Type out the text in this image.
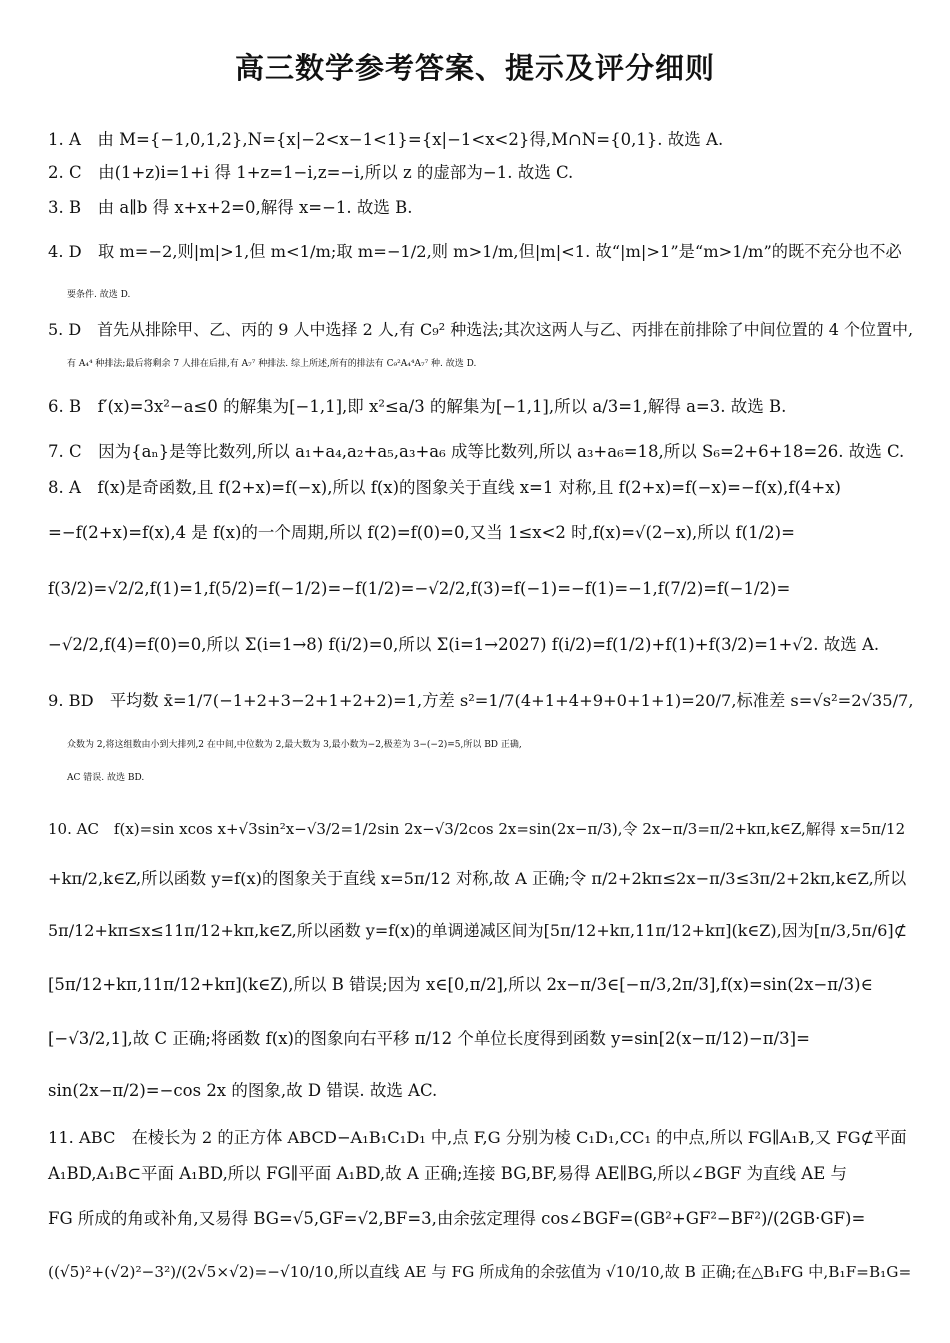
高三数学参考答案、提示及评分细则
1. A　由 M={−1,0,1,2},N={x|−2<x−1<1}={x|−1<x<2}得,M∩N={0,1}. 故选 A.
2. C　由(1+z)i=1+i 得 1+z=1−i,z=−i,所以 z 的虚部为−1. 故选 C.
3. B　由 a∥b 得 x+x+2=0,解得 x=−1. 故选 B.
4. D　取 m=−2,则|m|>1,但 m<1/m;取 m=−1/2,则 m>1/m,但|m|<1. 故“|m|>1”是“m>1/m”的既不充分也不必
要条件. 故选 D.
5. D　首先从排除甲、乙、丙的 9 人中选择 2 人,有 C₉² 种选法;其次这两人与乙、丙排在前排除了中间位置的 4 个位置中,
有 A₄⁴ 种排法;最后将剩余 7 人排在后排,有 A₇⁷ 种排法. 综上所述,所有的排法有 C₉²A₄⁴A₇⁷ 种. 故选 D.
6. B　f′(x)=3x²−a≤0 的解集为[−1,1],即 x²≤a/3 的解集为[−1,1],所以 a/3=1,解得 a=3. 故选 B.
7. C　因为{aₙ}是等比数列,所以 a₁+a₄,a₂+a₅,a₃+a₆ 成等比数列,所以 a₃+a₆=18,所以 S₆=2+6+18=26. 故选 C.
8. A　f(x)是奇函数,且 f(2+x)=f(−x),所以 f(x)的图象关于直线 x=1 对称,且 f(2+x)=f(−x)=−f(x),f(4+x)
=−f(2+x)=f(x),4 是 f(x)的一个周期,所以 f(2)=f(0)=0,又当 1≤x<2 时,f(x)=√(2−x),所以 f(1/2)=
f(3/2)=√2/2,f(1)=1,f(5/2)=f(−1/2)=−f(1/2)=−√2/2,f(3)=f(−1)=−f(1)=−1,f(7/2)=f(−1/2)=
−√2/2,f(4)=f(0)=0,所以 Σ(i=1→8) f(i/2)=0,所以 Σ(i=1→2027) f(i/2)=f(1/2)+f(1)+f(3/2)=1+√2. 故选 A.
9. BD　平均数 x̄=1/7(−1+2+3−2+1+2+2)=1,方差 s²=1/7(4+1+4+9+0+1+1)=20/7,标准差 s=√s²=2√35/7,
众数为 2,将这组数由小到大排列,2 在中间,中位数为 2,最大数为 3,最小数为−2,极差为 3−(−2)=5,所以 BD 正确,
AC 错误. 故选 BD.
10. AC　f(x)=sin xcos x+√3sin²x−√3/2=1/2sin 2x−√3/2cos 2x=sin(2x−π/3),令 2x−π/3=π/2+kπ,k∈Z,解得 x=5π/12
+kπ/2,k∈Z,所以函数 y=f(x)的图象关于直线 x=5π/12 对称,故 A 正确;令 π/2+2kπ≤2x−π/3≤3π/2+2kπ,k∈Z,所以
5π/12+kπ≤x≤11π/12+kπ,k∈Z,所以函数 y=f(x)的单调递减区间为[5π/12+kπ,11π/12+kπ](k∈Z),因为[π/3,5π/6]⊄
[5π/12+kπ,11π/12+kπ](k∈Z),所以 B 错误;因为 x∈[0,π/2],所以 2x−π/3∈[−π/3,2π/3],f(x)=sin(2x−π/3)∈
[−√3/2,1],故 C 正确;将函数 f(x)的图象向右平移 π/12 个单位长度得到函数 y=sin[2(x−π/12)−π/3]=
sin(2x−π/2)=−cos 2x 的图象,故 D 错误. 故选 AC.
11. ABC　在棱长为 2 的正方体 ABCD−A₁B₁C₁D₁ 中,点 F,G 分别为棱 C₁D₁,CC₁ 的中点,所以 FG∥A₁B,又 FG⊄平面
A₁BD,A₁B⊂平面 A₁BD,所以 FG∥平面 A₁BD,故 A 正确;连接 BG,BF,易得 AE∥BG,所以∠BGF 为直线 AE 与
FG 所成的角或补角,又易得 BG=√5,GF=√2,BF=3,由余弦定理得 cos∠BGF=(GB²+GF²−BF²)/(2GB·GF)=
((√5)²+(√2)²−3²)/(2√5×√2)=−√10/10,所以直线 AE 与 FG 所成角的余弦值为 √10/10,故 B 正确;在△B₁FG 中,B₁F=B₁G=
